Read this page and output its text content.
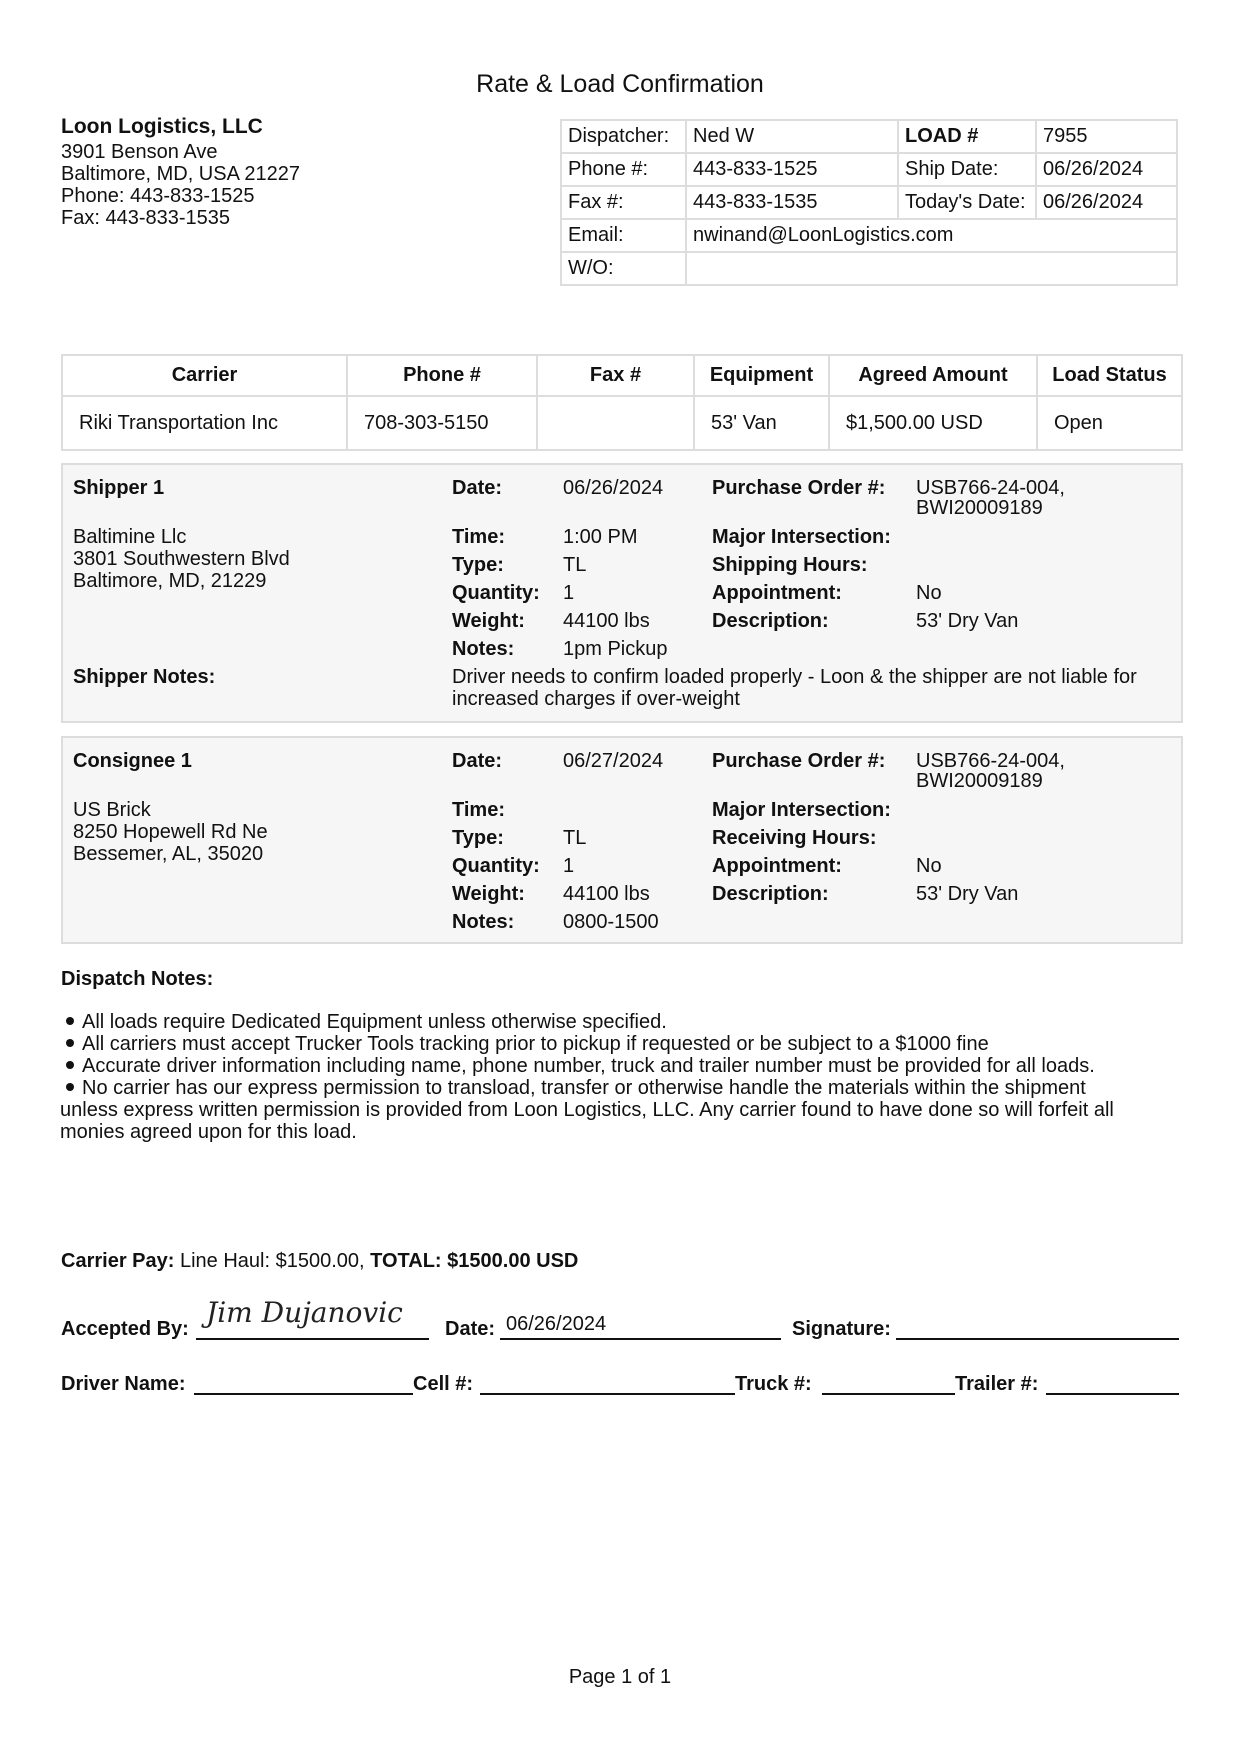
Rate & Load Confirmation
Loon Logistics, LLC
3901 Benson Ave
Baltimore, MD, USA 21227
Phone: 443-833-1525
Fax: 443-833-1535
Dispatcher:	Ned W	LOAD #	7955
Phone #:	443-833-1525	Ship Date:	06/26/2024
Fax #:	443-833-1535	Today's Date:	06/26/2024
Email:	nwinand@LoonLogistics.com		
W/O:			
Carrier	Phone #	Fax #	Equipment	Agreed Amount	Load Status
Riki Transportation Inc	708-303-5150		53' Van	$1,500.00 USD	Open
Shipper 1
Baltimine Llc
3801 Southwestern Blvd
Baltimore, MD, 21229
Date:	06/26/2024
Time:	1:00 PM
Type:	TL
Quantity: 1
Weight: 44100 lbs
Notes: 1pm Pickup
Purchase Order #: USB766-24-004,
BWI20009189
Major Intersection:
Shipping Hours:
Appointment:	No
Description:	53' Dry Van
Shipper Notes:	Driver needs to confirm loaded properly - Loon & the shipper are not liable for
increased charges if over-weight
Consignee 1
US Brick
8250 Hopewell Rd Ne
Bessemer, AL, 35020
Date:	06/27/2024
Time:
Type:	TL
Quantity: 1
Weight: 44100 lbs
Notes: 0800-1500
Purchase Order #: USB766-24-004,
BWI20009189
Major Intersection:
Receiving Hours:
Appointment:	No
Description:	53' Dry Van
Dispatch Notes:
All loads require Dedicated Equipment unless otherwise specified.
All carriers must accept Trucker Tools tracking prior to pickup if requested or be subject to a $1000 fine
Accurate driver information including name, phone number, truck and trailer number must be provided for all loads.
No carrier has our express permission to transload, transfer or otherwise handle the materials within the shipment
unless express written permission is provided from Loon Logistics, LLC. Any carrier found to have done so will forfeit all
monies agreed upon for this load.
Carrier Pay: Line Haul: $1500.00, TOTAL: $1500.00 USD
Accepted By: Jim Dujanovic Date: 06/26/2024	Signature:
Driver Name:	Cell #:	Truck #:	Trailer #:
Page 1 of 1
